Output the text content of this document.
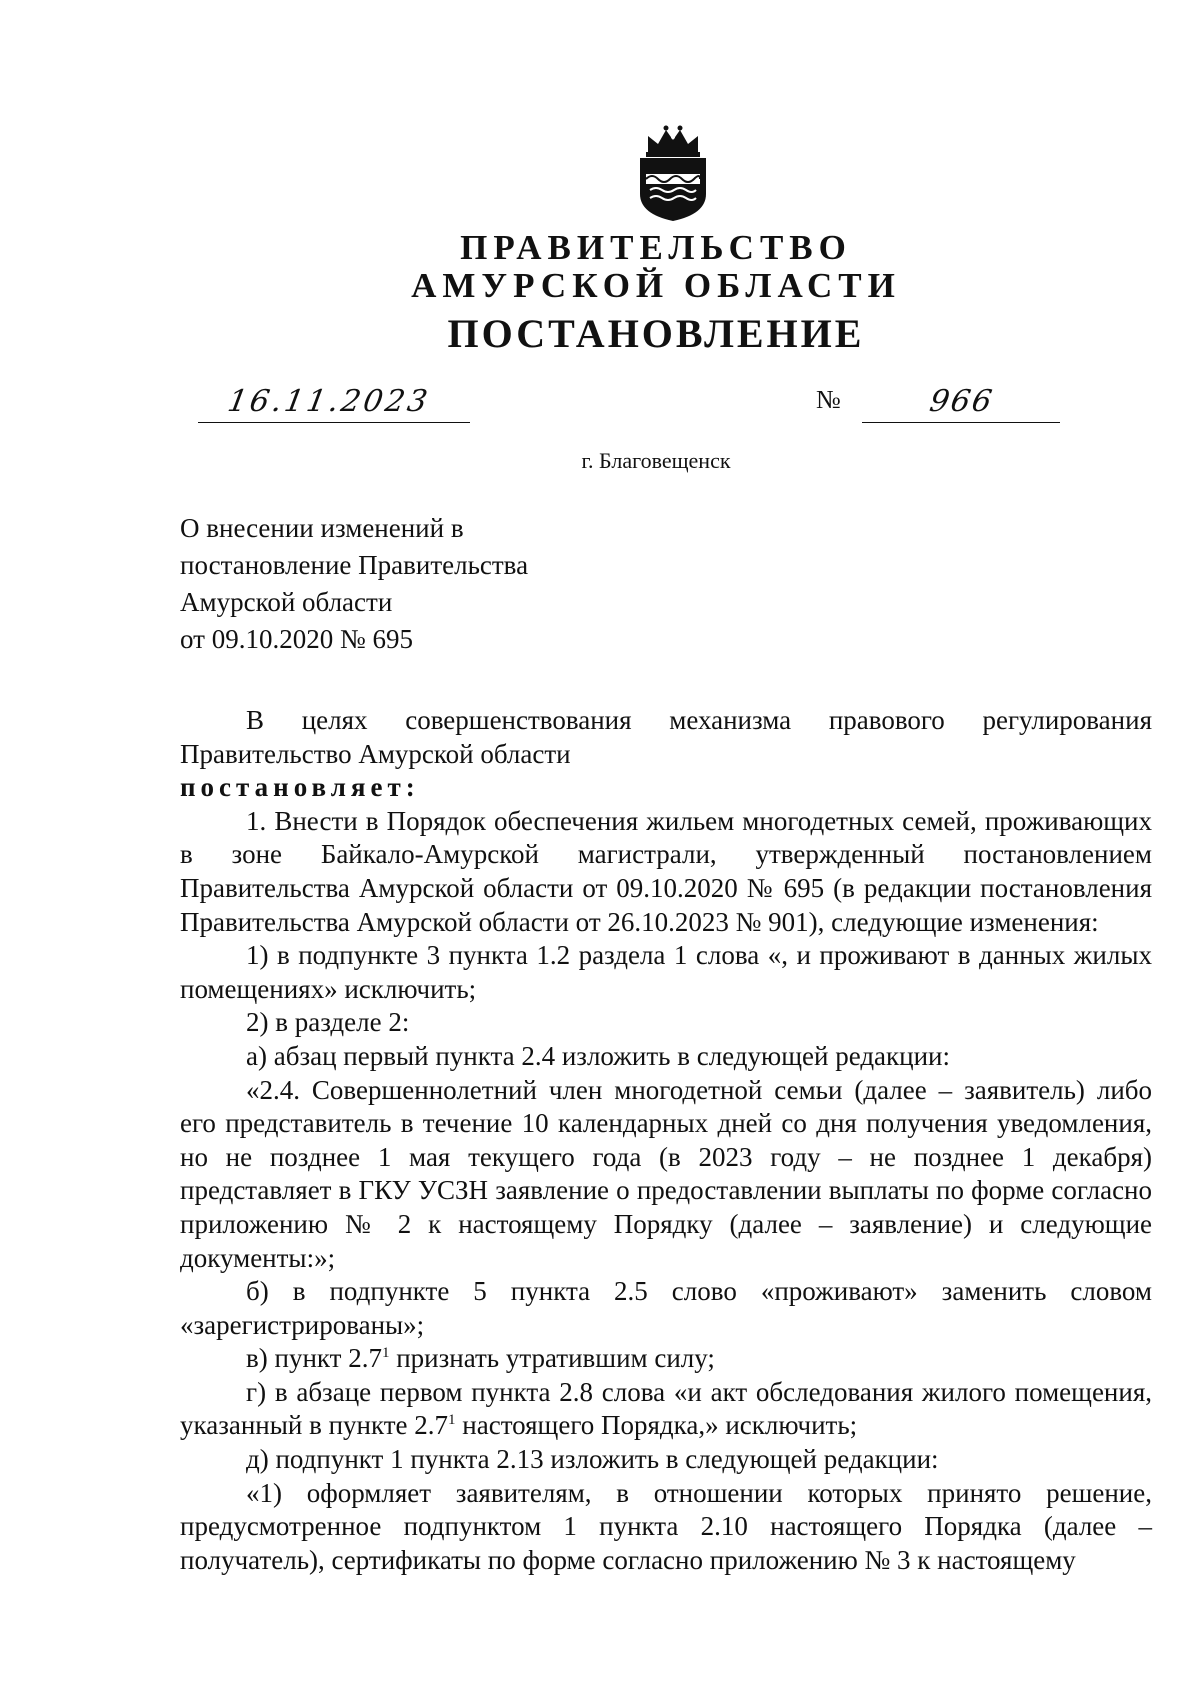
ПРАВИТЕЛЬСТВО
АМУРСКОЙ ОБЛАСТИ
ПОСТАНОВЛЕНИЕ
16.11.2023	№	966
г. Благовещенск
О внесении изменений в
постановление Правительства
Амурской области
от 09.10.2020 № 695

В целях совершенствования механизма правового регулирования Правительство Амурской области

постановляет:

1. Внести в Порядок обеспечения жильем многодетных семей, проживающих в зоне Байкало-Амурской магистрали, утвержденный постановлением Правительства Амурской области от 09.10.2020 № 695 (в редакции постановления Правительства Амурской области от 26.10.2023 № 901), следующие изменения:

1) в подпункте 3 пункта 1.2 раздела 1 слова «, и проживают в данных жилых помещениях» исключить;

2) в разделе 2:

а) абзац первый пункта 2.4 изложить в следующей редакции:

«2.4. Совершеннолетний член многодетной семьи (далее – заявитель) либо его представитель в течение 10 календарных дней со дня получения уведомления, но не позднее 1 мая текущего года (в 2023 году – не позднее 1 декабря) представляет в ГКУ УСЗН заявление о предоставлении выплаты по форме согласно приложению № 2 к настоящему Порядку (далее – заявление) и следующие документы:»;

б) в подпункте 5 пункта 2.5 слово «проживают» заменить словом «зарегистрированы»;

в) пункт $2.7^1$ признать утратившим силу;

г) в абзаце первом пункта 2.8 слова «и акт обследования жилого помещения, указанный в пункте $2.7^1$ настоящего Порядка,» исключить;

д) подпункт 1 пункта 2.13 изложить в следующей редакции:

«1) оформляет заявителям, в отношении которых принято решение, предусмотренное подпунктом 1 пункта 2.10 настоящего Порядка (далее – получатель), сертификаты по форме согласно приложению № 3 к настоящему
